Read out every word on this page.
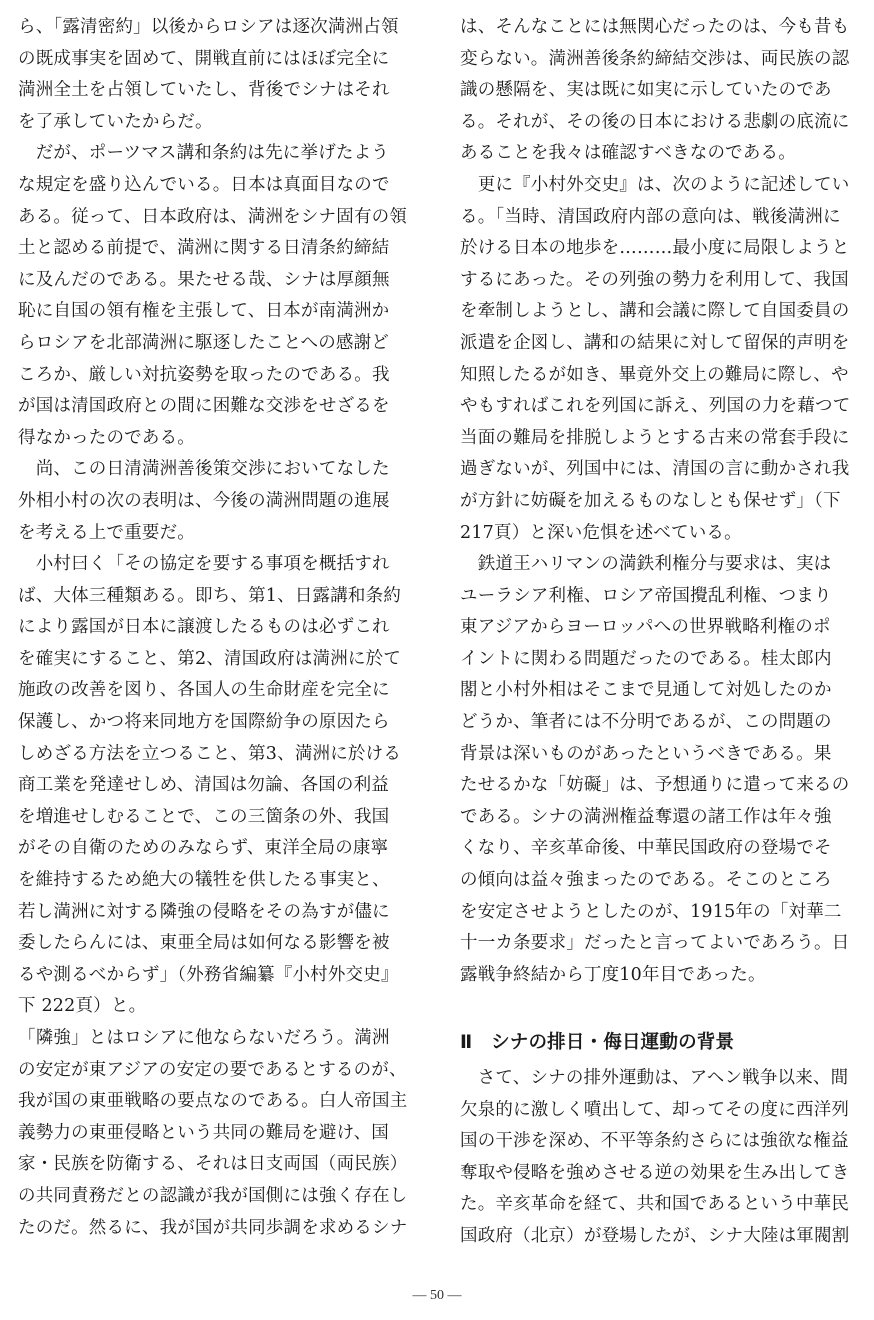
ら、「露清密約」以後からロシアは逐次満洲占領
の既成事実を固めて、開戦直前にはほぼ完全に
満洲全土を占領していたし、背後でシナはそれ
を了承していたからだ。
　だが、ポーツマス講和条約は先に挙げたよう
な規定を盛り込んでいる。日本は真面目なので
ある。従って、日本政府は、満洲をシナ固有の領
土と認める前提で、満洲に関する日清条約締結
に及んだのである。果たせる哉、シナは厚顔無
恥に自国の領有権を主張して、日本が南満洲か
らロシアを北部満洲に駆逐したことへの感謝ど
ころか、厳しい対抗姿勢を取ったのである。我
が国は清国政府との間に困難な交渉をせざるを
得なかったのである。
　尚、この日清満洲善後策交渉においてなした
外相小村の次の表明は、今後の満洲問題の進展
を考える上で重要だ。
　小村曰く「その協定を要する事項を概括すれ
ば、大体三種類ある。即ち、第1、日露講和条約
により露国が日本に譲渡したるものは必ずこれ
を確実にすること、第2、清国政府は満洲に於て
施政の改善を図り、各国人の生命財産を完全に
保護し、かつ将来同地方を国際紛争の原因たら
しめざる方法を立つること、第3、満洲に於ける
商工業を発達せしめ、清国は勿論、各国の利益
を増進せしむることで、この三箇条の外、我国
がその自衛のためのみならず、東洋全局の康寧
を維持するため絶大の犠牲を供したる事実と、
若し満洲に対する隣強の侵略をその為すが儘に
委したらんには、東亜全局は如何なる影響を被
るや測るべからず」（外務省編纂『小村外交史』
下 222頁）と。
「隣強」とはロシアに他ならないだろう。満洲
の安定が東アジアの安定の要であるとするのが、
我が国の東亜戦略の要点なのである。白人帝国主
義勢力の東亜侵略という共同の難局を避け、国
家・民族を防衛する、それは日支両国（両民族）
の共同責務だとの認識が我が国側には強く存在し
たのだ。然るに、我が国が共同歩調を求めるシナ
は、そんなことには無関心だったのは、今も昔も
変らない。満洲善後条約締結交渉は、両民族の認
識の懸隔を、実は既に如実に示していたのであ
る。それが、その後の日本における悲劇の底流に
あることを我々は確認すべきなのである。
　更に『小村外交史』は、次のように記述してい
る。「当時、清国政府内部の意向は、戦後満洲に
於ける日本の地歩を………最小度に局限しようと
するにあった。その列強の勢力を利用して、我国
を牽制しようとし、講和会議に際して自国委員の
派遣を企図し、講和の結果に対して留保的声明を
知照したるが如き、畢竟外交上の難局に際し、や
やもすればこれを列国に訴え、列国の力を藉つて
当面の難局を排脱しようとする古来の常套手段に
過ぎないが、列国中には、清国の言に動かされ我
が方針に妨礙を加えるものなしとも保せず」（下
217頁）と深い危惧を述べている。
　鉄道王ハリマンの満鉄利権分与要求は、実は
ユーラシア利権、ロシア帝国攪乱利権、つまり
東アジアからヨーロッパへの世界戦略利権のポ
イントに関わる問題だったのである。桂太郎内
閣と小村外相はそこまで見通して対処したのか
どうか、筆者には不分明であるが、この問題の
背景は深いものがあったというべきである。果
たせるかな「妨礙」は、予想通りに遣って来るの
である。シナの満洲権益奪還の諸工作は年々強
くなり、辛亥革命後、中華民国政府の登場でそ
の傾向は益々強まったのである。そこのところ
を安定させようとしたのが、1915年の「対華二
十一カ条要求」だったと言ってよいであろう。日
露戦争終結から丁度10年目であった。
Ⅱ　シナの排日・侮日運動の背景
　さて、シナの排外運動は、アヘン戦争以来、間
欠泉的に激しく噴出して、却ってその度に西洋列
国の干渉を深め、不平等条約さらには強欲な権益
奪取や侵略を強めさせる逆の効果を生み出してき
た。辛亥革命を経て、共和国であるという中華民
国政府（北京）が登場したが、シナ大陸は軍閥割
— 50 —
